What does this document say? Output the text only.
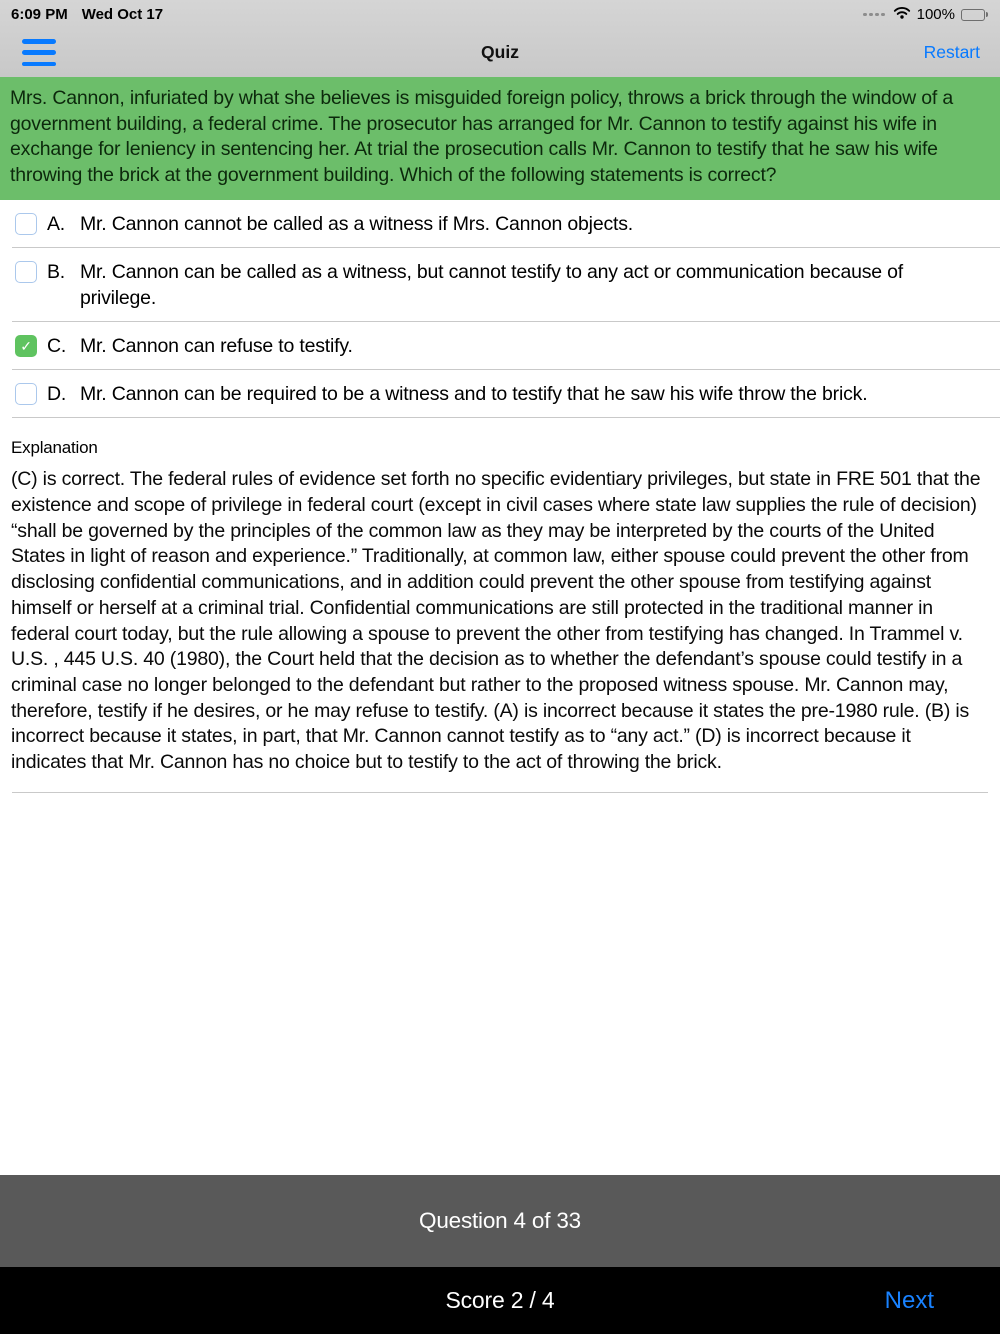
6:09 PM Wed Oct 17	100%
Quiz	Restart
Mrs. Cannon, infuriated by what she believes is misguided foreign policy, throws a brick through the window of a government building, a federal crime. The prosecutor has arranged for Mr. Cannon to testify against his wife in exchange for leniency in sentencing her. At trial the prosecution calls Mr. Cannon to testify that he saw his wife throwing the brick at the government building. Which of the following statements is correct?
A. Mr. Cannon cannot be called as a witness if Mrs. Cannon objects.
B. Mr. Cannon can be called as a witness, but cannot testify to any act or communication because of privilege.
✓ C. Mr. Cannon can refuse to testify.
D. Mr. Cannon can be required to be a witness and to testify that he saw his wife throw the brick.
Explanation
(C) is correct. The federal rules of evidence set forth no specific evidentiary privileges, but state in FRE 501 that the existence and scope of privilege in federal court (except in civil cases where state law supplies the rule of decision) “shall be governed by the principles of the common law as they may be interpreted by the courts of the United States in light of reason and experience.” Traditionally, at common law, either spouse could prevent the other from disclosing confidential communications, and in addition could prevent the other spouse from testifying against himself or herself at a criminal trial. Confidential communications are still protected in the traditional manner in federal court today, but the rule allowing a spouse to prevent the other from testifying has changed. In Trammel v. U.S. , 445 U.S. 40 (1980), the Court held that the decision as to whether the defendant’s spouse could testify in a criminal case no longer belonged to the defendant but rather to the proposed witness spouse. Mr. Cannon may, therefore, testify if he desires, or he may refuse to testify. (A) is incorrect because it states the pre-1980 rule. (B) is incorrect because it states, in part, that Mr. Cannon cannot testify as to “any act.” (D) is incorrect because it indicates that Mr. Cannon has no choice but to testify to the act of throwing the brick.
Question 4 of 33
Score 2 / 4	Next
